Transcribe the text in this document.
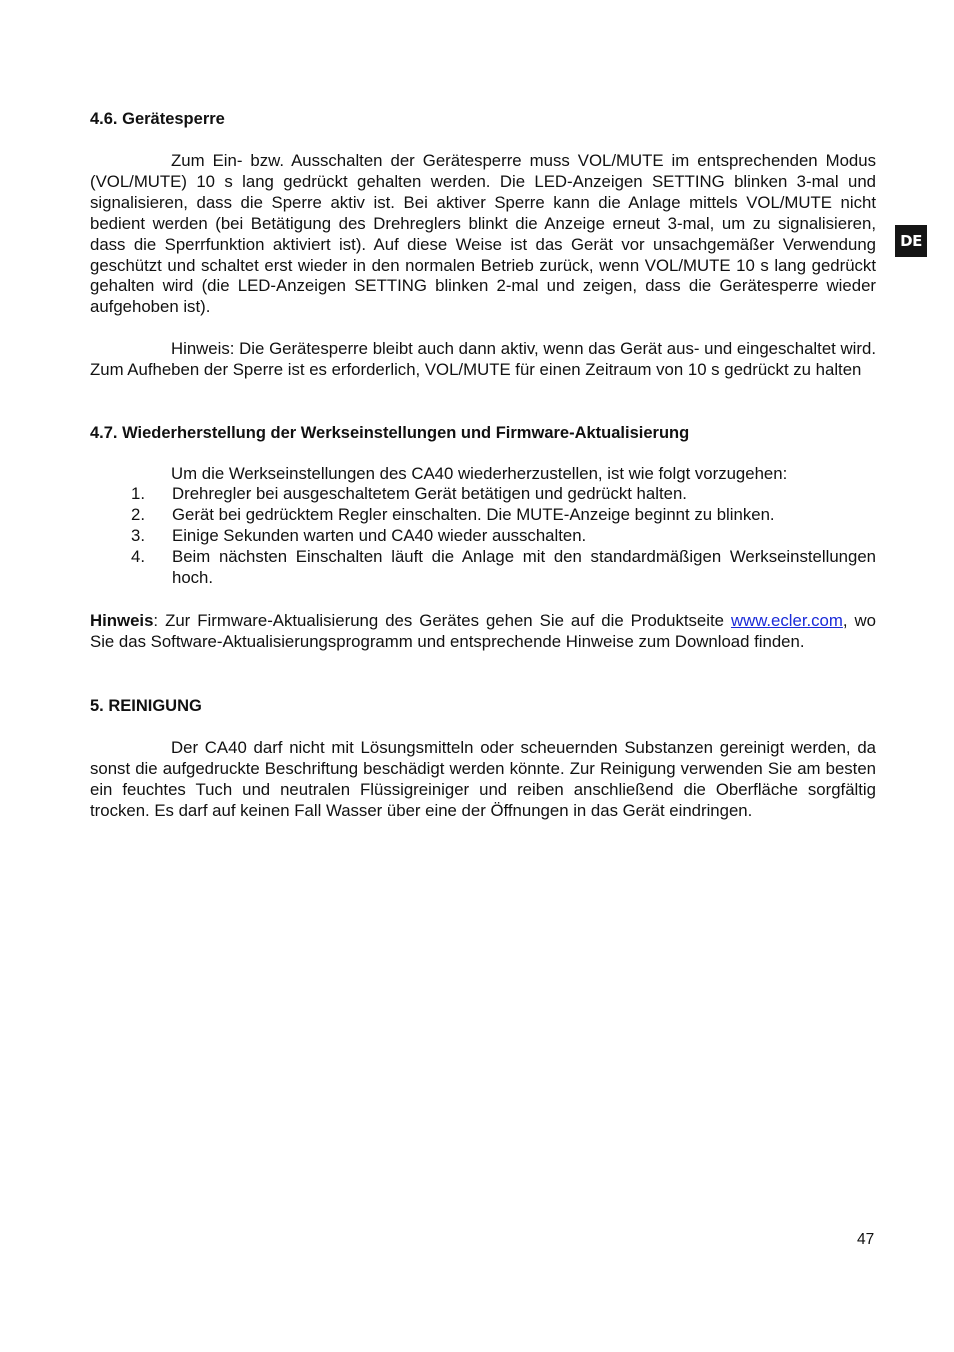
DE
4.6. Gerätesperre

Zum Ein- bzw. Ausschalten der Gerätesperre muss VOL/MUTE im entsprechenden Modus (VOL/MUTE) 10 s lang gedrückt gehalten werden. Die LED-Anzeigen SETTING blinken 3-mal und signalisieren, dass die Sperre aktiv ist. Bei aktiver Sperre kann die Anlage mittels VOL/MUTE nicht bedient werden (bei Betätigung des Drehreglers blinkt die Anzeige erneut 3-mal, um zu signalisieren, dass die Sperrfunktion aktiviert ist). Auf diese Weise ist das Gerät vor unsachgemäßer Verwendung geschützt und schaltet erst wieder in den normalen Betrieb zurück, wenn VOL/MUTE 10 s lang gedrückt gehalten wird (die LED-Anzeigen SETTING blinken 2-mal und zeigen, dass die Gerätesperre wieder aufgehoben ist).

Hinweis: Die Gerätesperre bleibt auch dann aktiv, wenn das Gerät aus- und eingeschaltet wird. Zum Aufheben der Sperre ist es erforderlich, VOL/MUTE für einen Zeitraum von 10 s gedrückt zu halten

4.7. Wiederherstellung der Werkseinstellungen und Firmware-Aktualisierung

Um die Werkseinstellungen des CA40 wiederherzustellen, ist wie folgt vorzugehen:

1. Drehregler bei ausgeschaltetem Gerät betätigen und gedrückt halten.
2. Gerät bei gedrücktem Regler einschalten. Die MUTE-Anzeige beginnt zu blinken.
3. Einige Sekunden warten und CA40 wieder ausschalten.
4. Beim nächsten Einschalten läuft die Anlage mit den standardmäßigen Werkseinstellungen hoch.

Hinweis: Zur Firmware-Aktualisierung des Gerätes gehen Sie auf die Produktseite www.ecler.com, wo Sie das Software-Aktualisierungsprogramm und entsprechende Hinweise zum Download finden.

5. REINIGUNG

Der CA40 darf nicht mit Lösungsmitteln oder scheuernden Substanzen gereinigt werden, da sonst die aufgedruckte Beschriftung beschädigt werden könnte. Zur Reinigung verwenden Sie am besten ein feuchtes Tuch und neutralen Flüssigreiniger und reiben anschließend die Oberfläche sorgfältig trocken. Es darf auf keinen Fall Wasser über eine der Öffnungen in das Gerät eindringen.

47
